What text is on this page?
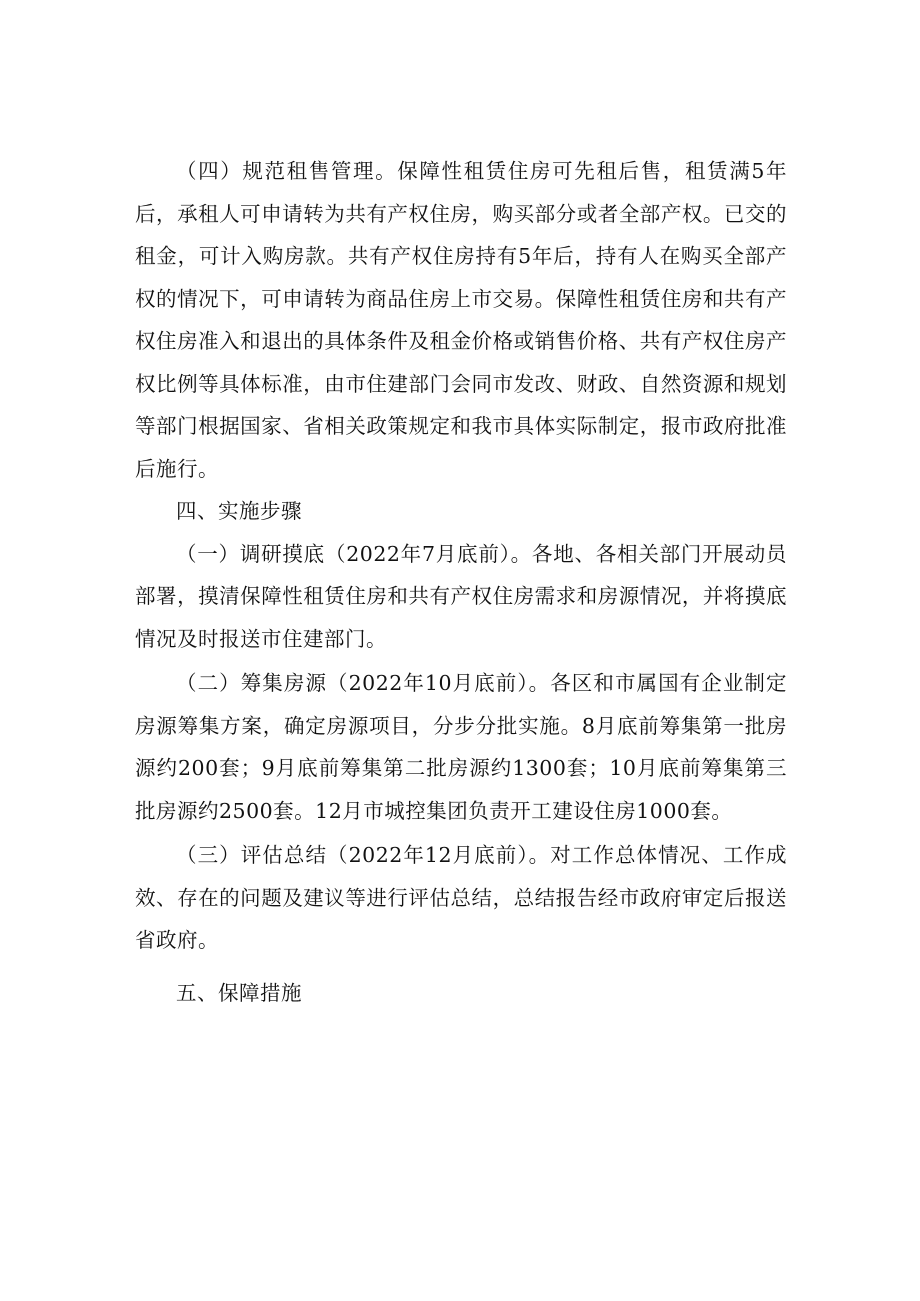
（四）规范租售管理。保障性租赁住房可先租后售，租赁满5年后，承租人可申请转为共有产权住房，购买部分或者全部产权。已交的租金，可计入购房款。共有产权住房持有5年后，持有人在购买全部产权的情况下，可申请转为商品住房上市交易。保障性租赁住房和共有产权住房准入和退出的具体条件及租金价格或销售价格、共有产权住房产权比例等具体标准，由市住建部门会同市发改、财政、自然资源和规划等部门根据国家、省相关政策规定和我市具体实际制定，报市政府批准后施行。

四、实施步骤

（一）调研摸底（2022年7月底前）。各地、各相关部门开展动员部署，摸清保障性租赁住房和共有产权住房需求和房源情况，并将摸底情况及时报送市住建部门。

（二）筹集房源（2022年10月底前）。各区和市属国有企业制定房源筹集方案，确定房源项目，分步分批实施。8月底前筹集第一批房源约200套；9月底前筹集第二批房源约1300套；10月底前筹集第三批房源约2500套。12月市城控集团负责开工建设住房1000套。

（三）评估总结（2022年12月底前）。对工作总体情况、工作成效、存在的问题及建议等进行评估总结，总结报告经市政府审定后报送省政府。

五、保障措施
